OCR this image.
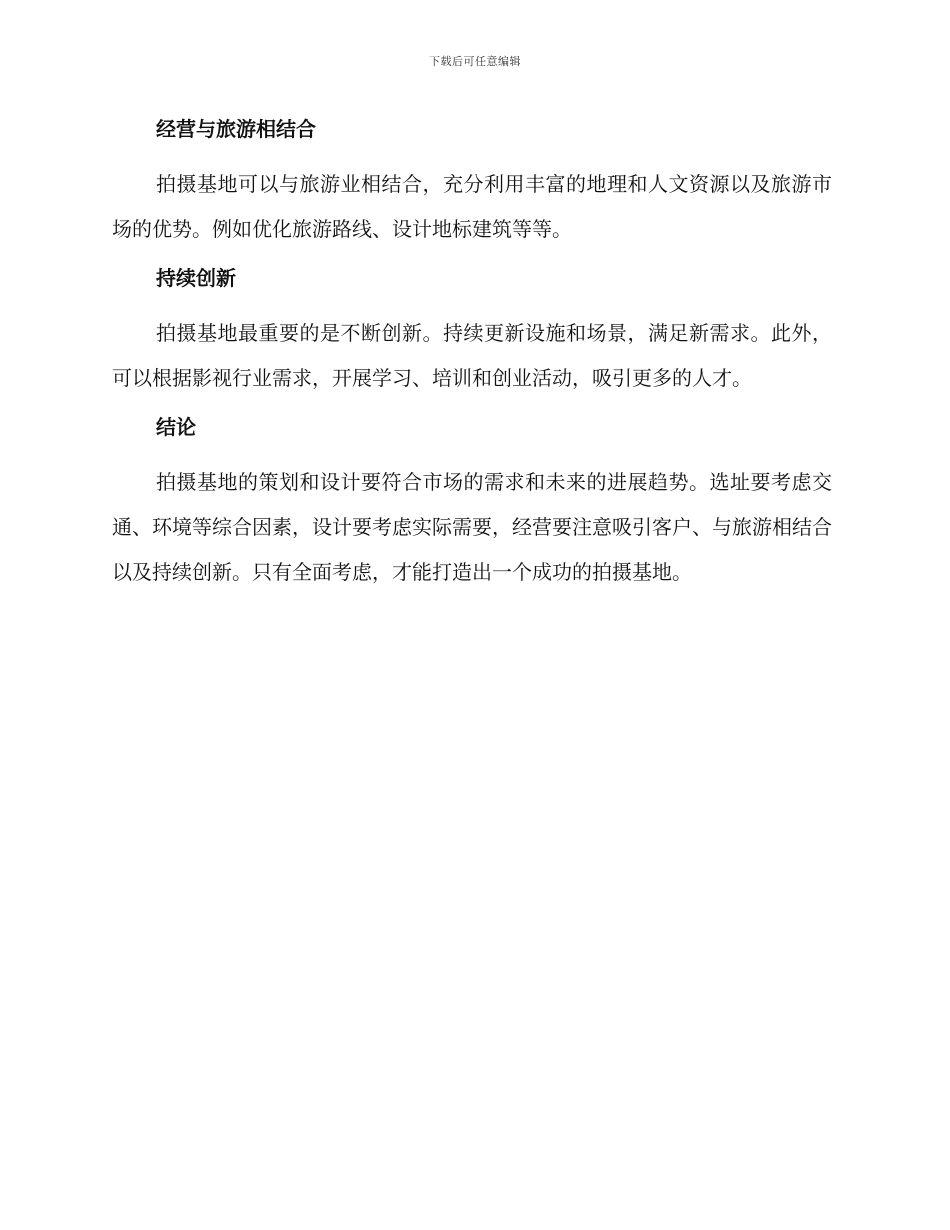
下载后可任意编辑
经营与旅游相结合

拍摄基地可以与旅游业相结合，充分利用丰富的地理和人文资源以及旅游市场的优势。例如优化旅游路线、设计地标建筑等等。

持续创新

拍摄基地最重要的是不断创新。持续更新设施和场景，满足新需求。此外，可以根据影视行业需求，开展学习、培训和创业活动，吸引更多的人才。

结论

拍摄基地的策划和设计要符合市场的需求和未来的进展趋势。选址要考虑交通、环境等综合因素，设计要考虑实际需要，经营要注意吸引客户、与旅游相结合以及持续创新。只有全面考虑，才能打造出一个成功的拍摄基地。
